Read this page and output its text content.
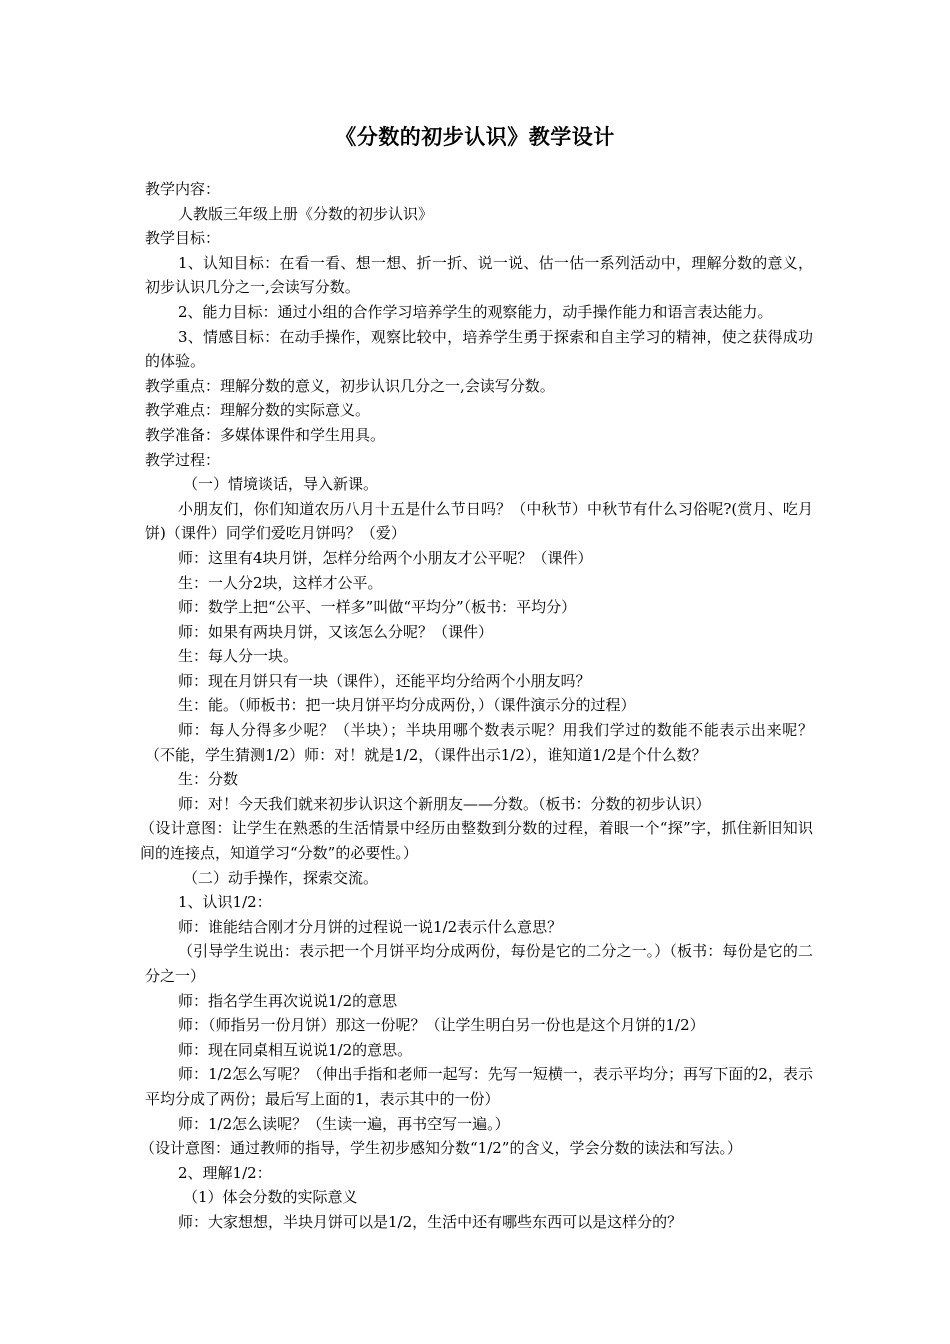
《分数的初步认识》教学设计

教学内容：

人教版三年级上册《分数的初步认识》

教学目标：

1、认知目标：在看一看、想一想、折一折、说一说、估一估一系列活动中，理解分数的意义，初步认识几分之一,会读写分数。

2、能力目标：通过小组的合作学习培养学生的观察能力，动手操作能力和语言表达能力。

3、情感目标：在动手操作，观察比较中，培养学生勇于探索和自主学习的精神，使之获得成功的体验。

教学重点：理解分数的意义，初步认识几分之一,会读写分数。

教学难点：理解分数的实际意义。

教学准备：多媒体课件和学生用具。

教学过程：

（一）情境谈话，导入新课。

小朋友们，你们知道农历八月十五是什么节日吗？（中秋节）中秋节有什么习俗呢?(赏月、吃月饼)（课件）同学们爱吃月饼吗？（爱）

师：这里有4块月饼，怎样分给两个小朋友才公平呢？（课件）

生：一人分2块，这样才公平。

师：数学上把“公平、一样多”叫做“平均分”（板书：平均分）

师：如果有两块月饼，又该怎么分呢？（课件）

生：每人分一块。

师：现在月饼只有一块（课件），还能平均分给两个小朋友吗？

生：能。（师板书：把一块月饼平均分成两份，）（课件演示分的过程）

师：每人分得多少呢？（半块）；半块用哪个数表示呢？用我们学过的数能不能表示出来呢？（不能，学生猜测1/2）师：对！就是1/2，（课件出示1/2），谁知道1/2是个什么数？

生：分数

师：对！今天我们就来初步认识这个新朋友——分数。（板书：分数的初步认识）

（设计意图：让学生在熟悉的生活情景中经历由整数到分数的过程，着眼一个“探”字，抓住新旧知识间的连接点，知道学习“分数”的必要性。）

（二）动手操作，探索交流。

1、认识1/2：

师：谁能结合刚才分月饼的过程说一说1/2表示什么意思？

（引导学生说出：表示把一个月饼平均分成两份，每份是它的二分之一。）（板书：每份是它的二分之一）

师：指名学生再次说说1/2的意思

师：（师指另一份月饼）那这一份呢？（让学生明白另一份也是这个月饼的1/2）

师：现在同桌相互说说1/2的意思。

师：1/2怎么写呢？（伸出手指和老师一起写：先写一短横一，表示平均分；再写下面的2，表示平均分成了两份；最后写上面的1，表示其中的一份）

师：1/2怎么读呢？（生读一遍，再书空写一遍。）

（设计意图：通过教师的指导，学生初步感知分数“1/2”的含义，学会分数的读法和写法。）

2、理解1/2：

（1）体会分数的实际意义

师：大家想想，半块月饼可以是1/2，生活中还有哪些东西可以是这样分的？
